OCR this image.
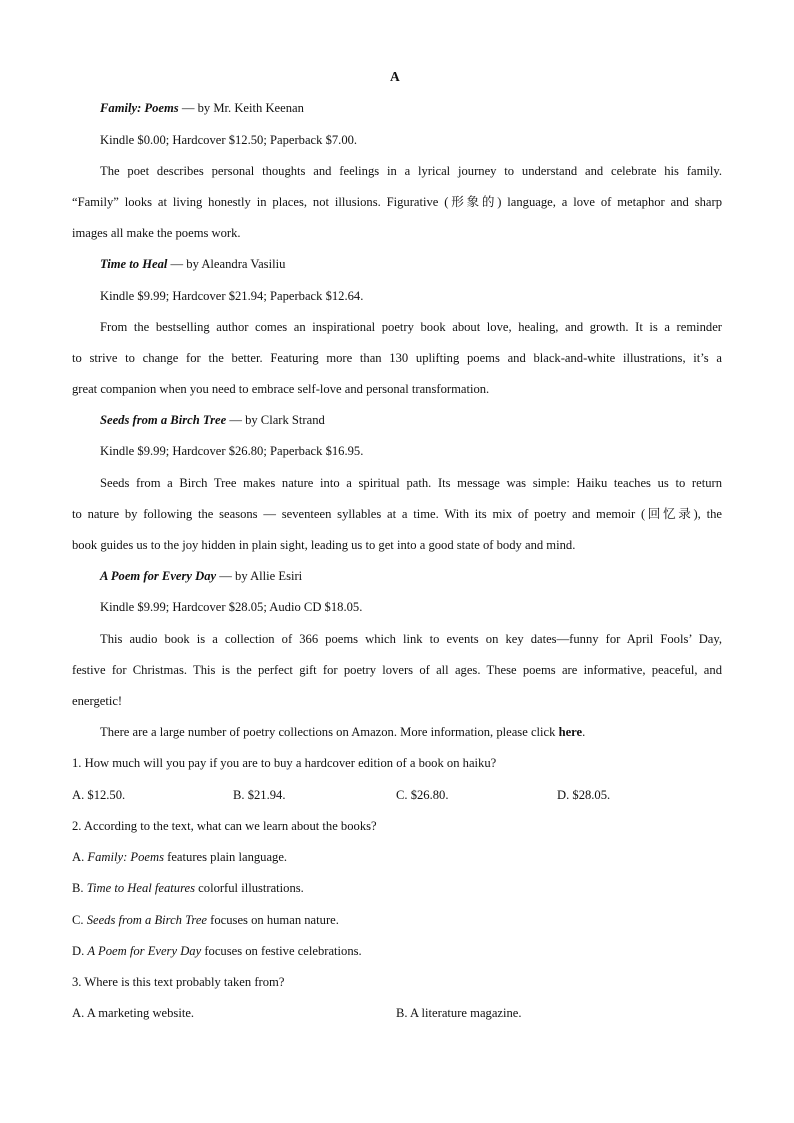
A
Family: Poems — by Mr. Keith Keenan
Kindle $0.00; Hardcover $12.50; Paperback $7.00.
The poet describes personal thoughts and feelings in a lyrical journey to understand and celebrate his family.
“Family” looks at living honestly in places, not illusions. Figurative (形象的) language, a love of metaphor and sharp
images all make the poems work.
Time to Heal — by Aleandra Vasiliu
Kindle $9.99; Hardcover $21.94; Paperback $12.64.
From the bestselling author comes an inspirational poetry book about love, healing, and growth. It is a reminder
to strive to change for the better. Featuring more than 130 uplifting poems and black-and-white illustrations, it’s a
great companion when you need to embrace self-love and personal transformation.
Seeds from a Birch Tree — by Clark Strand
Kindle $9.99; Hardcover $26.80; Paperback $16.95.
Seeds from a Birch Tree makes nature into a spiritual path. Its message was simple: Haiku teaches us to return
to nature by following the seasons — seventeen syllables at a time. With its mix of poetry and memoir (回忆录), the
book guides us to the joy hidden in plain sight, leading us to get into a good state of body and mind.
A Poem for Every Day — by Allie Esiri
Kindle $9.99; Hardcover $28.05; Audio CD $18.05.
This audio book is a collection of 366 poems which link to events on key dates—funny for April Fools’ Day,
festive for Christmas. This is the perfect gift for poetry lovers of all ages. These poems are informative, peaceful, and
energetic!
There are a large number of poetry collections on Amazon. More information, please click here.
1. How much will you pay if you are to buy a hardcover edition of a book on haiku?
A. $12.50.	B. $21.94.	C. $26.80.	D. $28.05.
2. According to the text, what can we learn about the books?
A. Family: Poems features plain language.
B. Time to Heal features colorful illustrations.
C. Seeds from a Birch Tree focuses on human nature.
D. A Poem for Every Day focuses on festive celebrations.
3. Where is this text probably taken from?
A. A marketing website.	B. A literature magazine.
